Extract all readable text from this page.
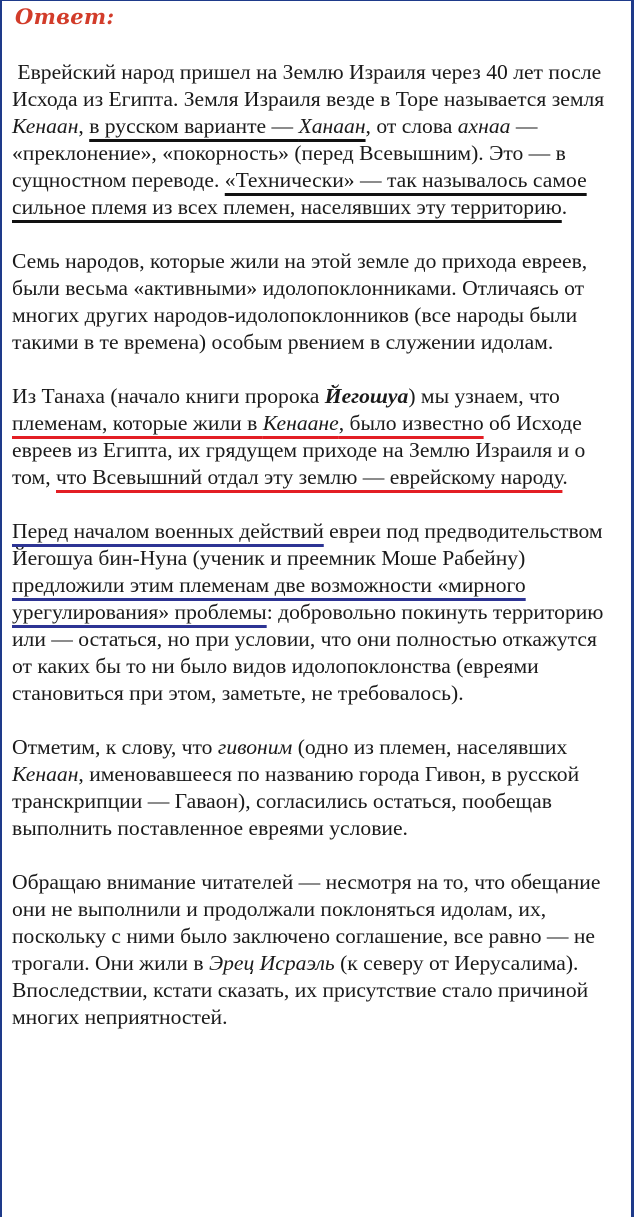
Ответ:

Еврейский народ пришел на Землю Израиля через 40 лет после Исхода из Египта. Земля Израиля везде в Торе называется земля Кенаан, в русском варианте — Ханаан, от слова ахнаа — «преклонение», «покорность» (перед Всевышним). Это — в сущностном переводе. «Технически» — так называлось самое сильное племя из всех племен, населявших эту территорию.

Семь народов, которые жили на этой земле до прихода евреев, были весьма «активными» идолопоклонниками. Отличаясь от многих других народов-идолопоклонников (все народы были такими в те времена) особым рвением в служении идолам.

Из Танаха (начало книги пророка Йегошуа) мы узнаем, что племенам, которые жили в Кенаане, было известно об Исходе евреев из Египта, их грядущем приходе на Землю Израиля и о том, что Всевышний отдал эту землю — еврейскому народу.

Перед началом военных действий евреи под предводительством Йегошуа бин-Нуна (ученик и преемник Моше Рабейну) предложили этим племенам две возможности «мирного урегулирования» проблемы: добровольно покинуть территорию или — остаться, но при условии, что они полностью откажутся от каких бы то ни было видов идолопоклонства (евреями становиться при этом, заметьте, не требовалось).

Отметим, к слову, что гивоним (одно из племен, населявших Кенаан, именовавшееся по названию города Гивон, в русской транскрипции — Гаваон), согласились остаться, пообещав выполнить поставленное евреями условие.

Обращаю внимание читателей — несмотря на то, что обещание они не выполнили и продолжали поклоняться идолам, их, поскольку с ними было заключено соглашение, все равно — не трогали. Они жили в Эрец Исраэль (к северу от Иерусалима). Впоследствии, кстати сказать, их присутствие стало причиной многих неприятностей.
